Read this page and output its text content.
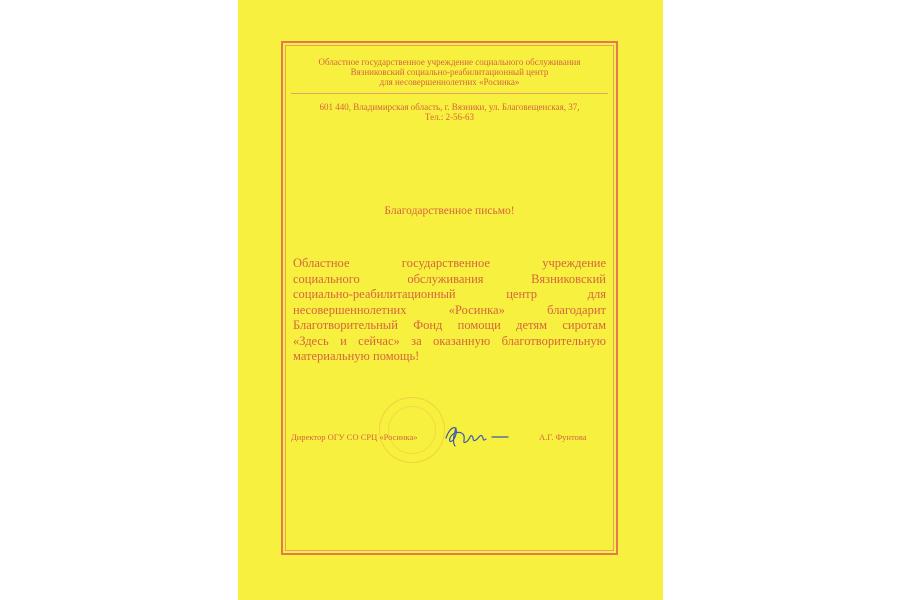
Областное государственное учреждение социального обслуживания

Вязниковский социально-реабилитационный центр

для несовершеннолетних «Росинка»

601 440, Владимирская область, г. Вязники, ул. Благовещенская, 37,

Тел.: 2-56-63

Благодарственное письмо!

Областное государственное учреждение
социального обслуживания Вязниковский
социально-реабилитационный центр для
несовершеннолетних «Росинка» благодарит
Благотворительный Фонд помощи детям сиротам
«Здесь и сейчас» за оказанную благотворительную
материальную помощь!

Директор ОГУ СО СРЦ «Росинка»	А.Г. Фунтова
